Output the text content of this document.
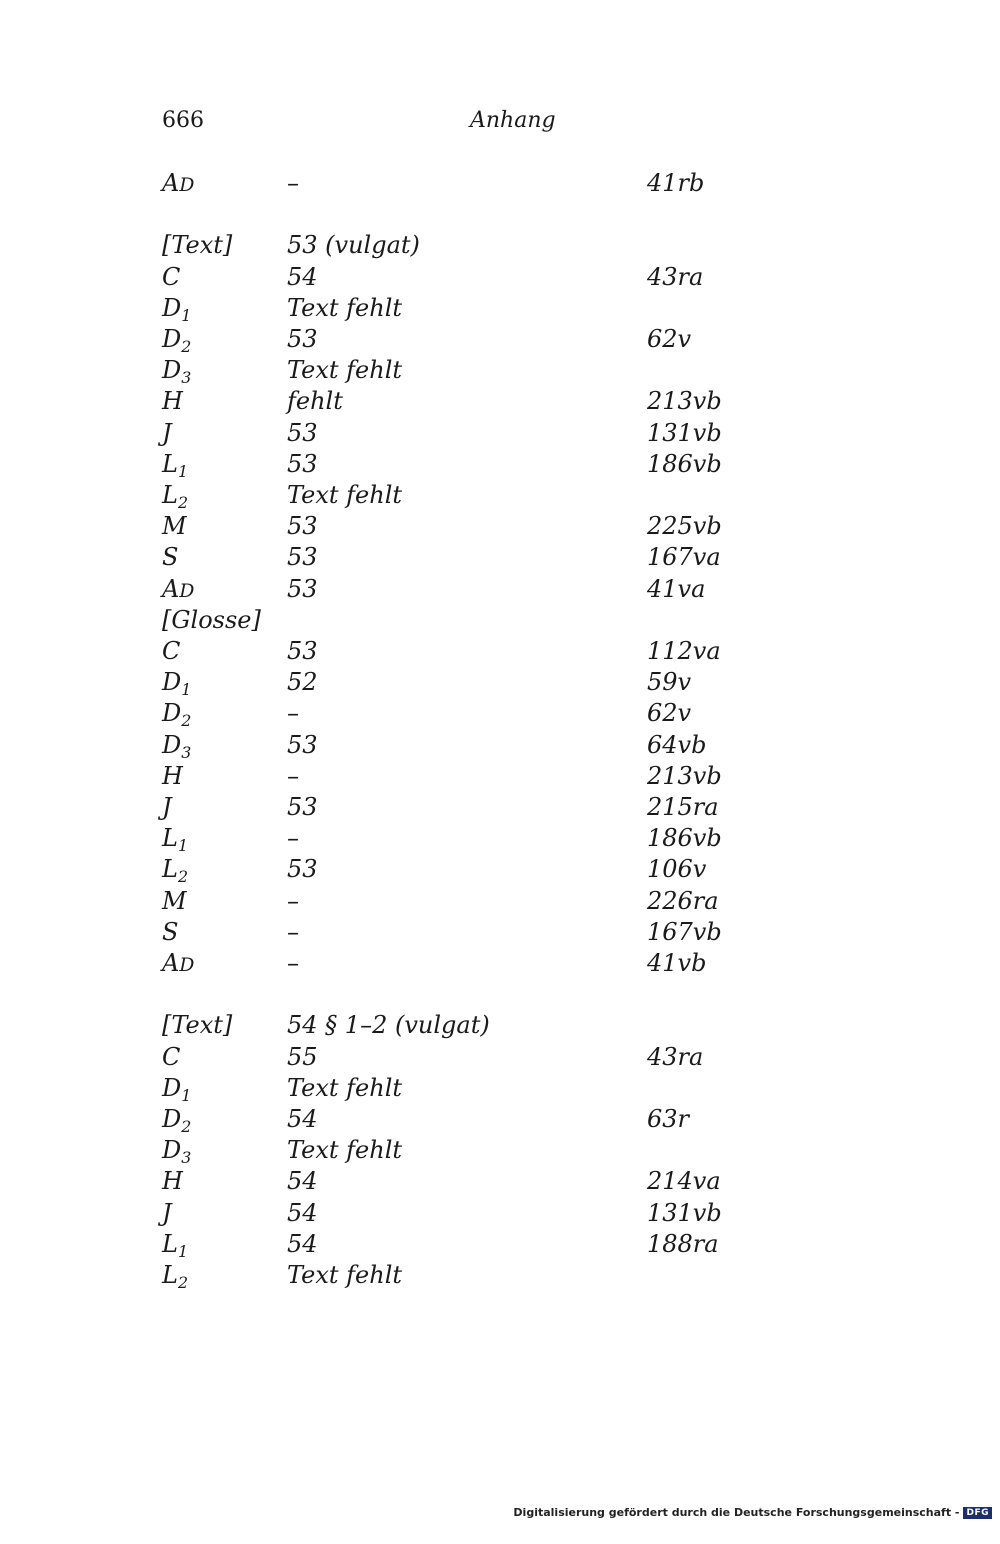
666	Anhang
AD	–	41rb
[Text] 53 (vulgat)
C	54	43ra
$D_1$	Text fehlt
$D_2$	53	62v
$D_3$	Text fehlt
H	fehlt	213vb
J	53	131vb
$L_1$	53	186vb
$L_2$	Text fehlt
M	53	225vb
S	53	167va
AD	53	41va
[Glosse]
C	53	112va
$D_1$	52	59v
$D_2$	–	62v
$D_3$	53	64vb
H	–	213vb
J	53	215ra
$L_1$	–	186vb
$L_2$	53	106v
M	–	226ra
S	–	167vb
AD	–	41vb
[Text] 54 § 1–2 (vulgat)
C	55	43ra
$D_1$	Text fehlt
$D_2$	54	63r
$D_3$	Text fehlt
H	54	214va
J	54	131vb
$L_1$	54	188ra
$L_2$	Text fehlt
Digitalisierung gefördert durch die Deutsche Forschungsgemeinschaft - DFG
